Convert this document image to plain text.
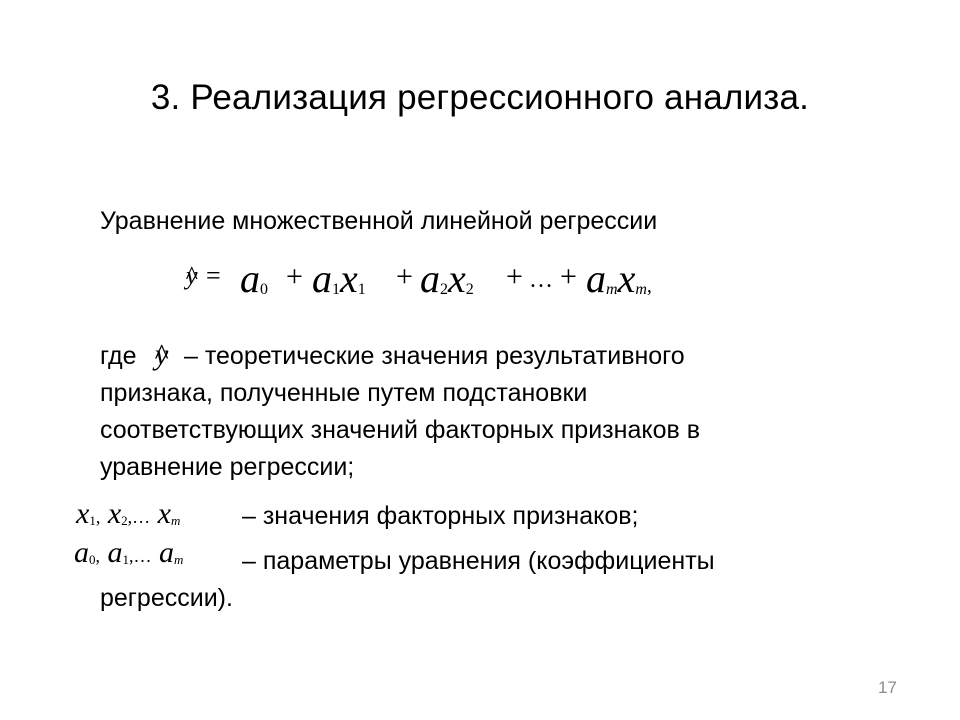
3. Реализация регрессионного анализа.
Уравнение множественной линейной регрессии
^ y = a0 + a1x1 + a2x2 + … + amxm,
где
^ y – теоретические значения результативного
признака, полученные путем подстановки
соответствующих значений факторных признаков в
уравнение регрессии;
x1, x2,… xm – значения факторных признаков;
a0, a1,… am – параметры уравнения (коэффициенты
регрессии).
17
